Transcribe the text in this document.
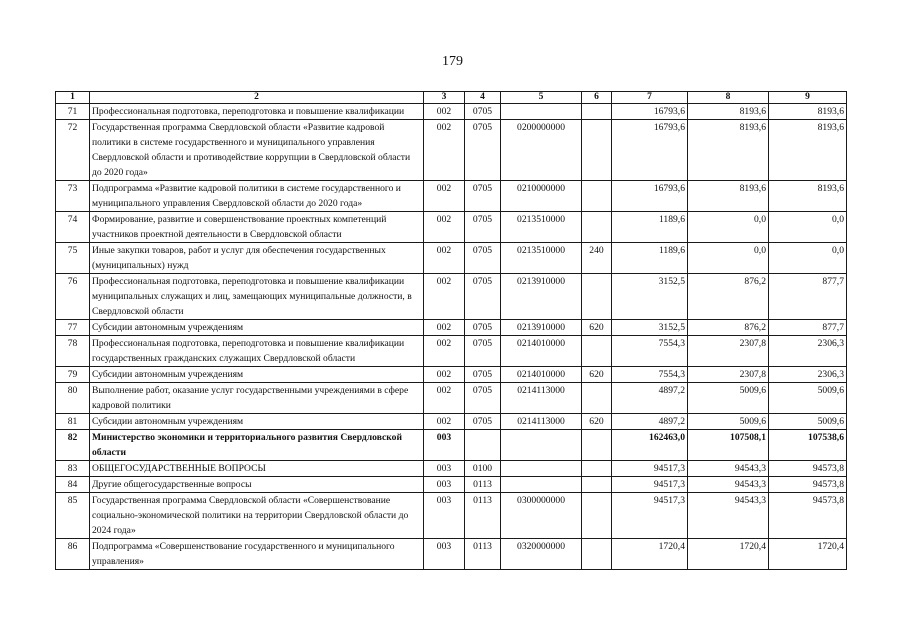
179
1	2	3	4	5	6	7	8	9
71	Профессиональная подготовка, переподготовка и повышение квалификации	002	0705			16793,6	8193,6	8193,6
72	Государственная программа Свердловской области «Развитие кадровой политики в системе государственного и муниципального управления Свердловской области и противодействие коррупции в Свердловской области до 2020 года»	002	0705	0200000000		16793,6	8193,6	8193,6
73	Подпрограмма «Развитие кадровой политики в системе государственного и муниципального управления Свердловской области до 2020 года»	002	0705	0210000000		16793,6	8193,6	8193,6
74	Формирование, развитие и совершенствование проектных компетенций участников проектной деятельности в Свердловской области	002	0705	0213510000		1189,6	0,0	0,0
75	Иные закупки товаров, работ и услуг для обеспечения государственных (муниципальных) нужд	002	0705	0213510000	240	1189,6	0,0	0,0
76	Профессиональная подготовка, переподготовка и повышение квалификации муниципальных служащих и лиц, замещающих муниципальные должности, в Свердловской области	002	0705	0213910000		3152,5	876,2	877,7
77	Субсидии автономным учреждениям	002	0705	0213910000	620	3152,5	876,2	877,7
78	Профессиональная подготовка, переподготовка и повышение квалификации государственных гражданских служащих Свердловской области	002	0705	0214010000		7554,3	2307,8	2306,3
79	Субсидии автономным учреждениям	002	0705	0214010000	620	7554,3	2307,8	2306,3
80	Выполнение работ, оказание услуг государственными учреждениями в сфере кадровой политики	002	0705	0214113000		4897,2	5009,6	5009,6
81	Субсидии автономным учреждениям	002	0705	0214113000	620	4897,2	5009,6	5009,6
82	Министерство экономики и территориального развития Свердловской области	003				162463,0	107508,1	107538,6
83	ОБЩЕГОСУДАРСТВЕННЫЕ ВОПРОСЫ	003	0100			94517,3	94543,3	94573,8
84	Другие общегосударственные вопросы	003	0113			94517,3	94543,3	94573,8
85	Государственная программа Свердловской области «Совершенствование социально-экономической политики на территории Свердловской области до 2024 года»	003	0113	0300000000		94517,3	94543,3	94573,8
86	Подпрограмма «Совершенствование государственного и муниципального управления»	003	0113	0320000000		1720,4	1720,4	1720,4
